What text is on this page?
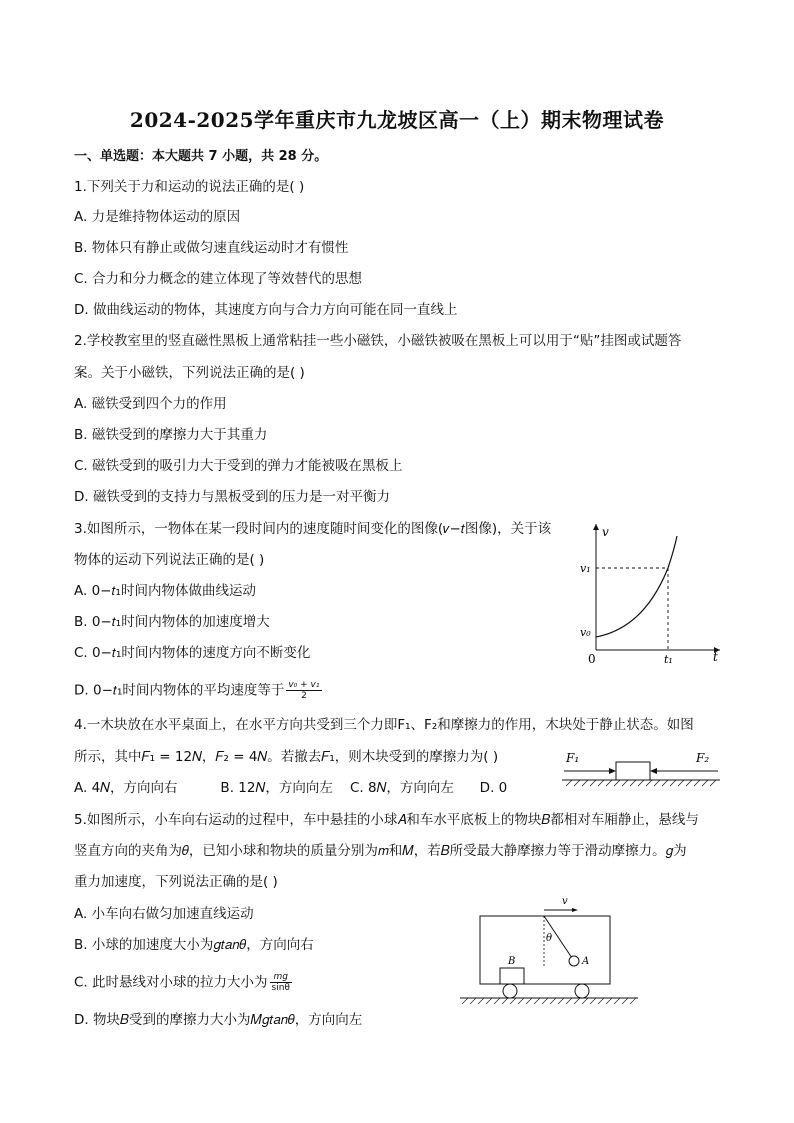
2024-2025学年重庆市九龙坡区高一（上）期末物理试卷
一、单选题：本大题共 7 小题，共 28 分。
1.下列关于力和运动的说法正确的是( )
A. 力是维持物体运动的原因
B. 物体只有静止或做匀速直线运动时才有惯性
C. 合力和分力概念的建立体现了等效替代的思想
D. 做曲线运动的物体，其速度方向与合力方向可能在同一直线上
2.学校教室里的竖直磁性黑板上通常粘挂一些小磁铁，小磁铁被吸在黑板上可以用于“贴”挂图或试题答
案。关于小磁铁，下列说法正确的是( )
A. 磁铁受到四个力的作用
B. 磁铁受到的摩擦力大于其重力
C. 磁铁受到的吸引力大于受到的弹力才能被吸在黑板上
D. 磁铁受到的支持力与黑板受到的压力是一对平衡力
3.如图所示，一物体在某一段时间内的速度随时间变化的图像(𝑣−𝑡图像)，关于该
物体的运动下列说法正确的是( )
A. 0−𝑡₁时间内物体做曲线运动
B. 0−𝑡₁时间内物体的加速度增大
C. 0−𝑡₁时间内物体的速度方向不断变化
D. 0−𝑡₁时间内物体的平均速度等于 $\frac{\text{v₀ + v₁}}{2}$
v
v₁
v₀
0	t₁	t
4.一木块放在水平桌面上，在水平方向共受到三个力即F₁、F₂和摩擦力的作用，木块处于静止状态。如图
所示，其中𝐹₁ = 12𝑁，𝐹₂ = 4𝑁。若撤去𝐹₁，则木块受到的摩擦力为( )
A. 4𝑁，方向向右          B. 12𝑁，方向向左    C. 8𝑁，方向向左      D. 0
F₁	F₂
5.如图所示，小车向右运动的过程中，车中悬挂的小球𝐴和车水平底板上的物块𝐵都相对车厢静止，悬线与
竖直方向的夹角为𝜃，已知小球和物块的质量分别为𝑚和𝑀，若𝐵所受最大静摩擦力等于滑动摩擦力。𝑔为
重力加速度，下列说法正确的是( )
A. 小车向右做匀加速直线运动
B. 小球的加速度大小为𝑔𝑡𝑎𝑛𝜃，方向向右
C. 此时悬线对小球的拉力大小为 $\frac{mg}{\sin\theta}$
D. 物块𝐵受到的摩擦力大小为𝑀𝑔𝑡𝑎𝑛𝜃，方向向左
v
A
θ
B
